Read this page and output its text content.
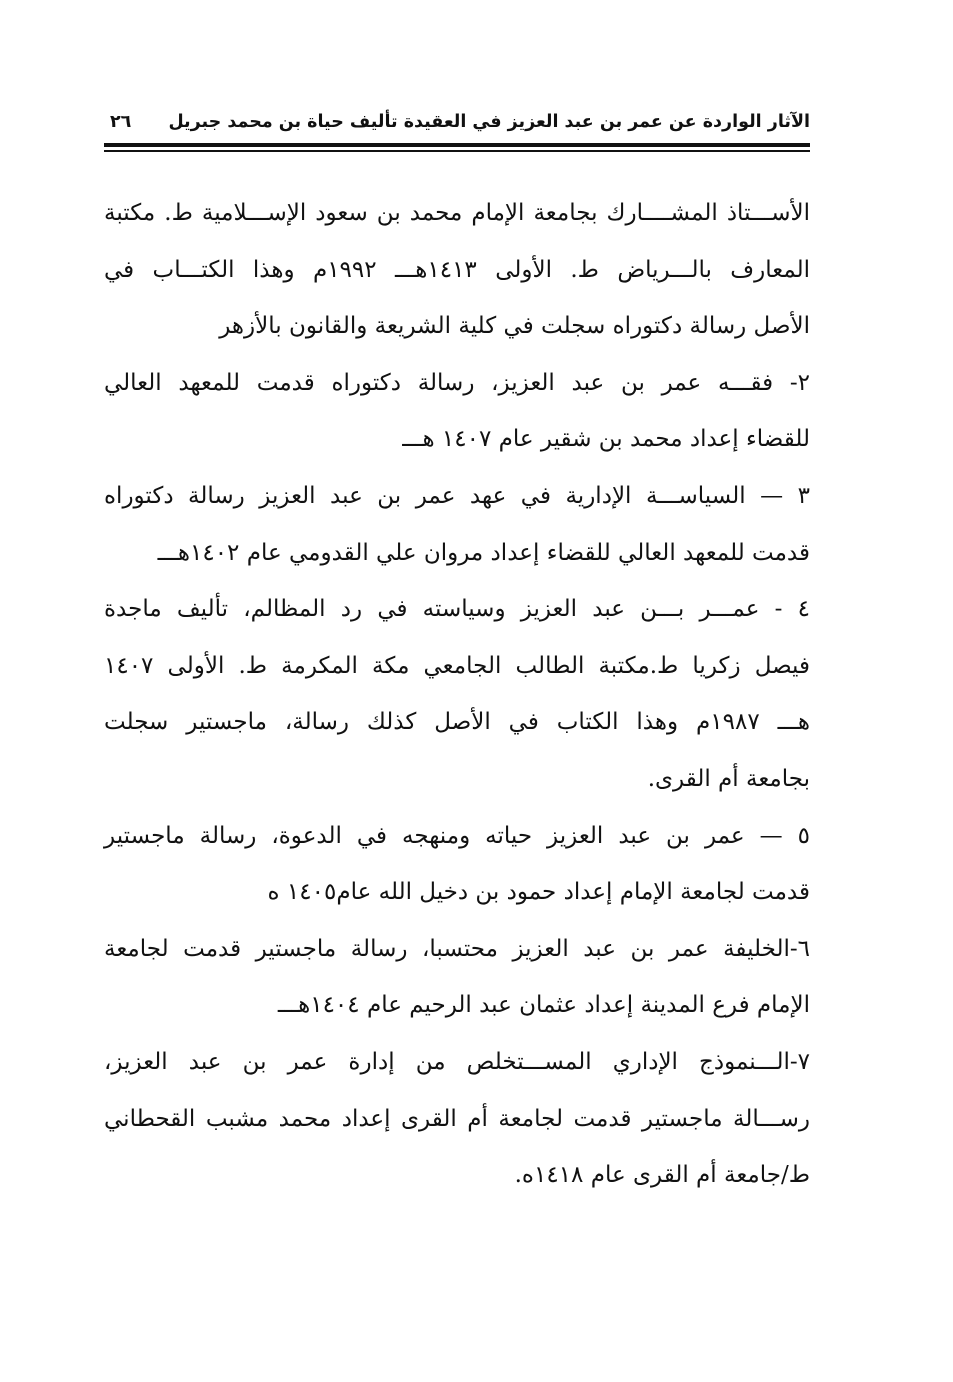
الآثار الواردة عن عمر بن عبد العزيز في العقيدة تأليف حياة بن محمد جبريل
٢٦

الأســـتاذ المشــــارك بجامعة الإمام محمد بن سعود الإســـلامية ط. مكتبة
المعارف بالـــرياض ط. الأولى ١٤١٣هـــ ١٩٩٢م وهذا الكتـــاب في
الأصل رسالة دكتوراه سجلت في كلية الشريعة والقانون بالأزهر

٢- فقـــه عمر بن عبد العزيز، رسالة دكتوراه قدمت للمعهد العالي
للقضاء إعداد محمد بن شقير عام ١٤٠٧ هـــ

٣ — السياســـة الإدارية في عهد عمر بن عبد العزيز رسالة دكتوراه
قدمت للمعهد العالي للقضاء إعداد مروان علي القدومي عام ١٤٠٢هـــ

٤ - عمـــر بـــن عبد العزيز وسياسته في رد المظالم، تأليف ماجدة
فيصل زكريا ط.مكتبة الطالب الجامعي مكة المكرمة ط. الأولى ١٤٠٧
هـــ ١٩٨٧م وهذا الكتاب في الأصل كذلك رسالة، ماجستير سجلت
بجامعة أم القرى.

٥ — عمر بن عبد العزيز حياته ومنهجه في الدعوة، رسالة ماجستير
قدمت لجامعة الإمام إعداد حمود بن دخيل الله عام١٤٠٥ ه

٦-الخليفة عمر بن عبد العزيز محتسبا، رسالة ماجستير قدمت لجامعة
الإمام فرع المدينة إعداد عثمان عبد الرحيم عام ١٤٠٤هـــ

٧-الـــنموذج الإداري المســـتخلص من إدارة عمر بن عبد العزيز،
رســـالة ماجستير قدمت لجامعة أم القرى إعداد محمد مشبب القحطاني
ط/جامعة أم القرى عام ١٤١٨ه.
